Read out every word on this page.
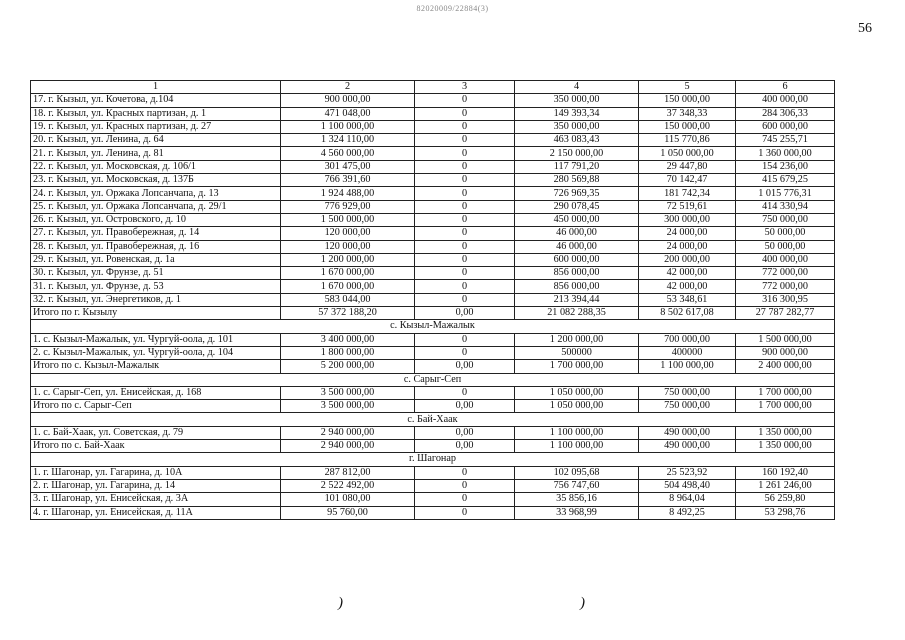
82020009/22884(3)
56
1	2	3	4	5	6
17. г. Кызыл, ул. Кочетова, д.104	900 000,00	0	350 000,00	150 000,00	400 000,00
18. г. Кызыл, ул. Красных партизан, д. 1	471 048,00	0	149 393,34	37 348,33	284 306,33
19. г. Кызыл, ул. Красных партизан, д. 27	1 100 000,00	0	350 000,00	150 000,00	600 000,00
20. г. Кызыл, ул. Ленина, д. 64	1 324 110,00	0	463 083,43	115 770,86	745 255,71
21. г. Кызыл, ул. Ленина, д. 81	4 560 000,00	0	2 150 000,00	1 050 000,00	1 360 000,00
22. г. Кызыл, ул. Московская, д. 106/1	301 475,00	0	117 791,20	29 447,80	154 236,00
23. г. Кызыл, ул. Московская, д. 137Б	766 391,60	0	280 569,88	70 142,47	415 679,25
24. г. Кызыл, ул. Оржака Лопсанчапа, д. 13	1 924 488,00	0	726 969,35	181 742,34	1 015 776,31
25. г. Кызыл, ул. Оржака Лопсанчапа, д. 29/1	776 929,00	0	290 078,45	72 519,61	414 330,94
26. г. Кызыл, ул. Островского, д. 10	1 500 000,00	0	450 000,00	300 000,00	750 000,00
27. г. Кызыл, ул. Правобережная, д. 14	120 000,00	0	46 000,00	24 000,00	50 000,00
28. г. Кызыл, ул. Правобережная, д. 16	120 000,00	0	46 000,00	24 000,00	50 000,00
29. г. Кызыл, ул. Ровенская, д. 1а	1 200 000,00	0	600 000,00	200 000,00	400 000,00
30. г. Кызыл, ул. Фрунзе, д. 51	1 670 000,00	0	856 000,00	42 000,00	772 000,00
31. г. Кызыл, ул. Фрунзе, д. 53	1 670 000,00	0	856 000,00	42 000,00	772 000,00
32. г. Кызыл, ул. Энергетиков, д. 1	583 044,00	0	213 394,44	53 348,61	316 300,95
Итого по г. Кызылу	57 372 188,20	0,00	21 082 288,35	8 502 617,08	27 787 282,77
с. Кызыл-Мажалык					
1. с. Кызыл-Мажалык, ул. Чургуй-оола, д. 101	3 400 000,00	0	1 200 000,00	700 000,00	1 500 000,00
2. с. Кызыл-Мажалык, ул. Чургуй-оола, д. 104	1 800 000,00	0	500000	400000	900 000,00
Итого по с. Кызыл-Мажалык	5 200 000,00	0,00	1 700 000,00	1 100 000,00	2 400 000,00
с. Сарыг-Сеп					
1. с. Сарыг-Сеп, ул. Енисейская, д. 168	3 500 000,00	0	1 050 000,00	750 000,00	1 700 000,00
Итого по с. Сарыг-Сеп	3 500 000,00	0,00	1 050 000,00	750 000,00	1 700 000,00
с. Бай-Хаак					
1. с. Бай-Хаак, ул. Советская, д. 79	2 940 000,00	0,00	1 100 000,00	490 000,00	1 350 000,00
Итого по с. Бай-Хаак	2 940 000,00	0,00	1 100 000,00	490 000,00	1 350 000,00
г. Шагонар					
1. г. Шагонар, ул. Гагарина, д. 10А	287 812,00	0	102 095,68	25 523,92	160 192,40
2. г. Шагонар, ул. Гагарина, д. 14	2 522 492,00	0	756 747,60	504 498,40	1 261 246,00
3. г. Шагонар, ул. Енисейская, д. 3А	101 080,00	0	35 856,16	8 964,04	56 259,80
4. г. Шагонар, ул. Енисейская, д. 11А	95 760,00	0	33 968,99	8 492,25	53 298,76
)	)
